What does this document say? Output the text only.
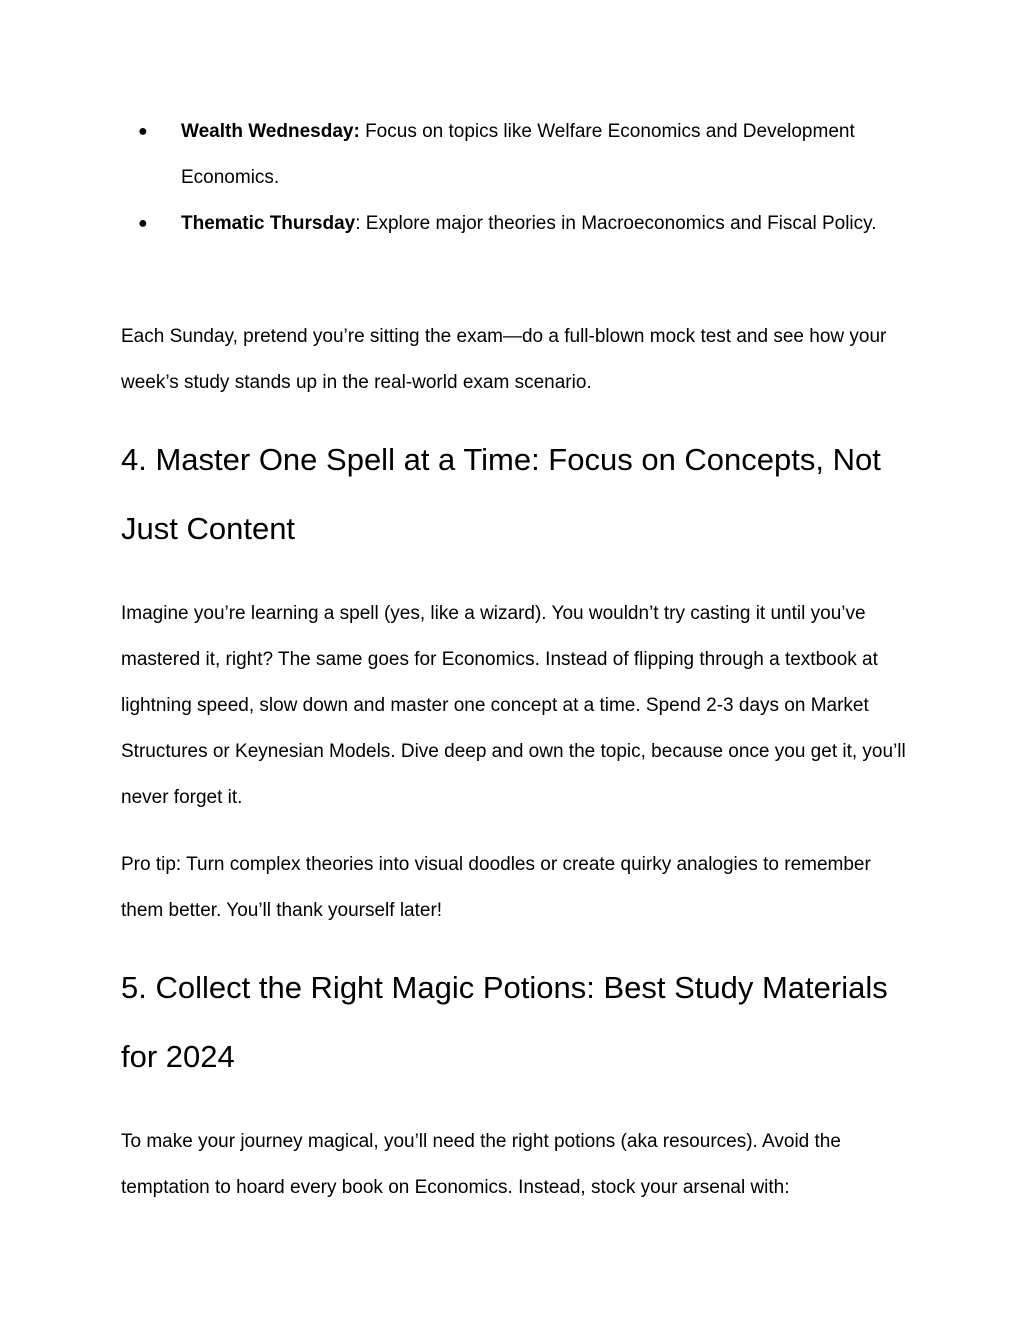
● Wealth Wednesday: Focus on topics like Welfare Economics and Development Economics.
● Thematic Thursday: Explore major theories in Macroeconomics and Fiscal Policy.

Each Sunday, pretend you’re sitting the exam—do a full-blown mock test and see how your week’s study stands up in the real-world exam scenario.

4. Master One Spell at a Time: Focus on Concepts, Not Just Content

Imagine you’re learning a spell (yes, like a wizard). You wouldn’t try casting it until you’ve mastered it, right? The same goes for Economics. Instead of flipping through a textbook at lightning speed, slow down and master one concept at a time. Spend 2-3 days on Market Structures or Keynesian Models. Dive deep and own the topic, because once you get it, you’ll never forget it.

Pro tip: Turn complex theories into visual doodles or create quirky analogies to remember them better. You’ll thank yourself later!

5. Collect the Right Magic Potions: Best Study Materials for 2024

To make your journey magical, you’ll need the right potions (aka resources). Avoid the temptation to hoard every book on Economics. Instead, stock your arsenal with:
